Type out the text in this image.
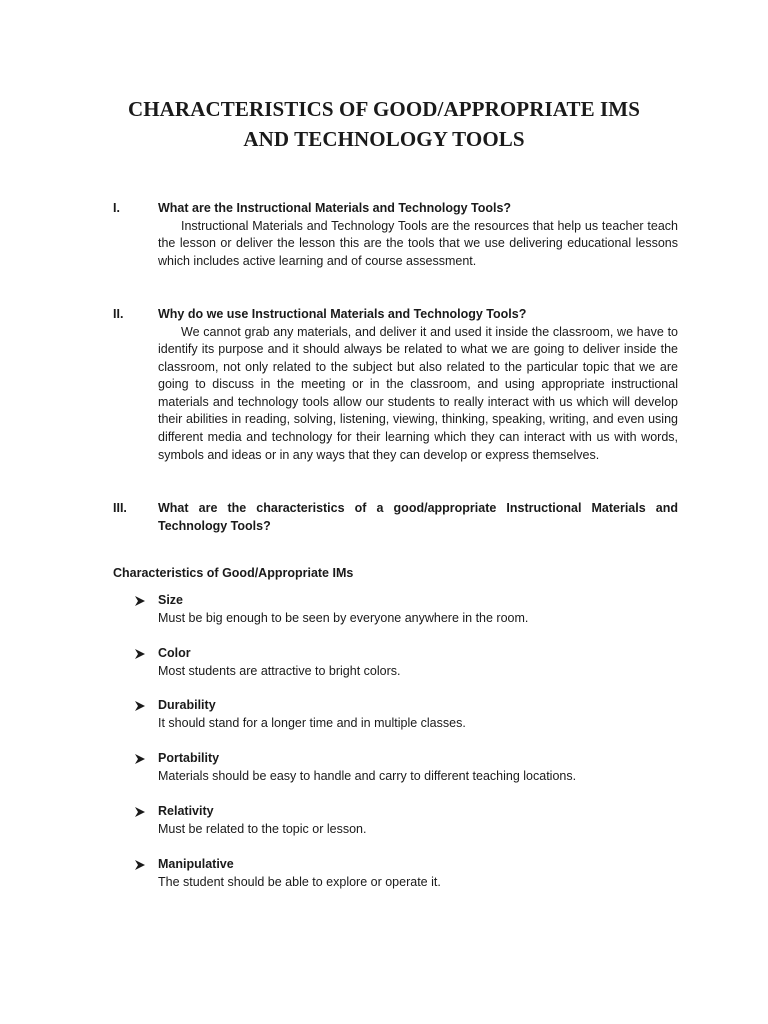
CHARACTERISTICS OF GOOD/APPROPRIATE IMS
AND TECHNOLOGY TOOLS
I.	What are the Instructional Materials and Technology Tools?

Instructional Materials and Technology Tools are the resources that help us teacher teach the lesson or deliver the lesson this are the tools that we use delivering educational lessons which includes active learning and of course assessment.

II.	Why do we use Instructional Materials and Technology Tools?

We cannot grab any materials, and deliver it and used it inside the classroom, we have to identify its purpose and it should always be related to what we are going to deliver inside the classroom, not only related to the subject but also related to the particular topic that we are going to discuss in the meeting or in the classroom, and using appropriate instructional materials and technology tools allow our students to really interact with us which will develop their abilities in reading, solving, listening, viewing, thinking, speaking, writing, and even using different media and technology for their learning which they can interact with us with words, symbols and ideas or in any ways that they can develop or express themselves.

III. What are the characteristics of a good/appropriate Instructional Materials and Technology Tools?

Characteristics of Good/Appropriate IMs
Size
Must be big enough to be seen by everyone anywhere in the room.
Color
Most students are attractive to bright colors.
Durability
It should stand for a longer time and in multiple classes.
Portability
Materials should be easy to handle and carry to different teaching locations.
Relativity
Must be related to the topic or lesson.
Manipulative
The student should be able to explore or operate it.
